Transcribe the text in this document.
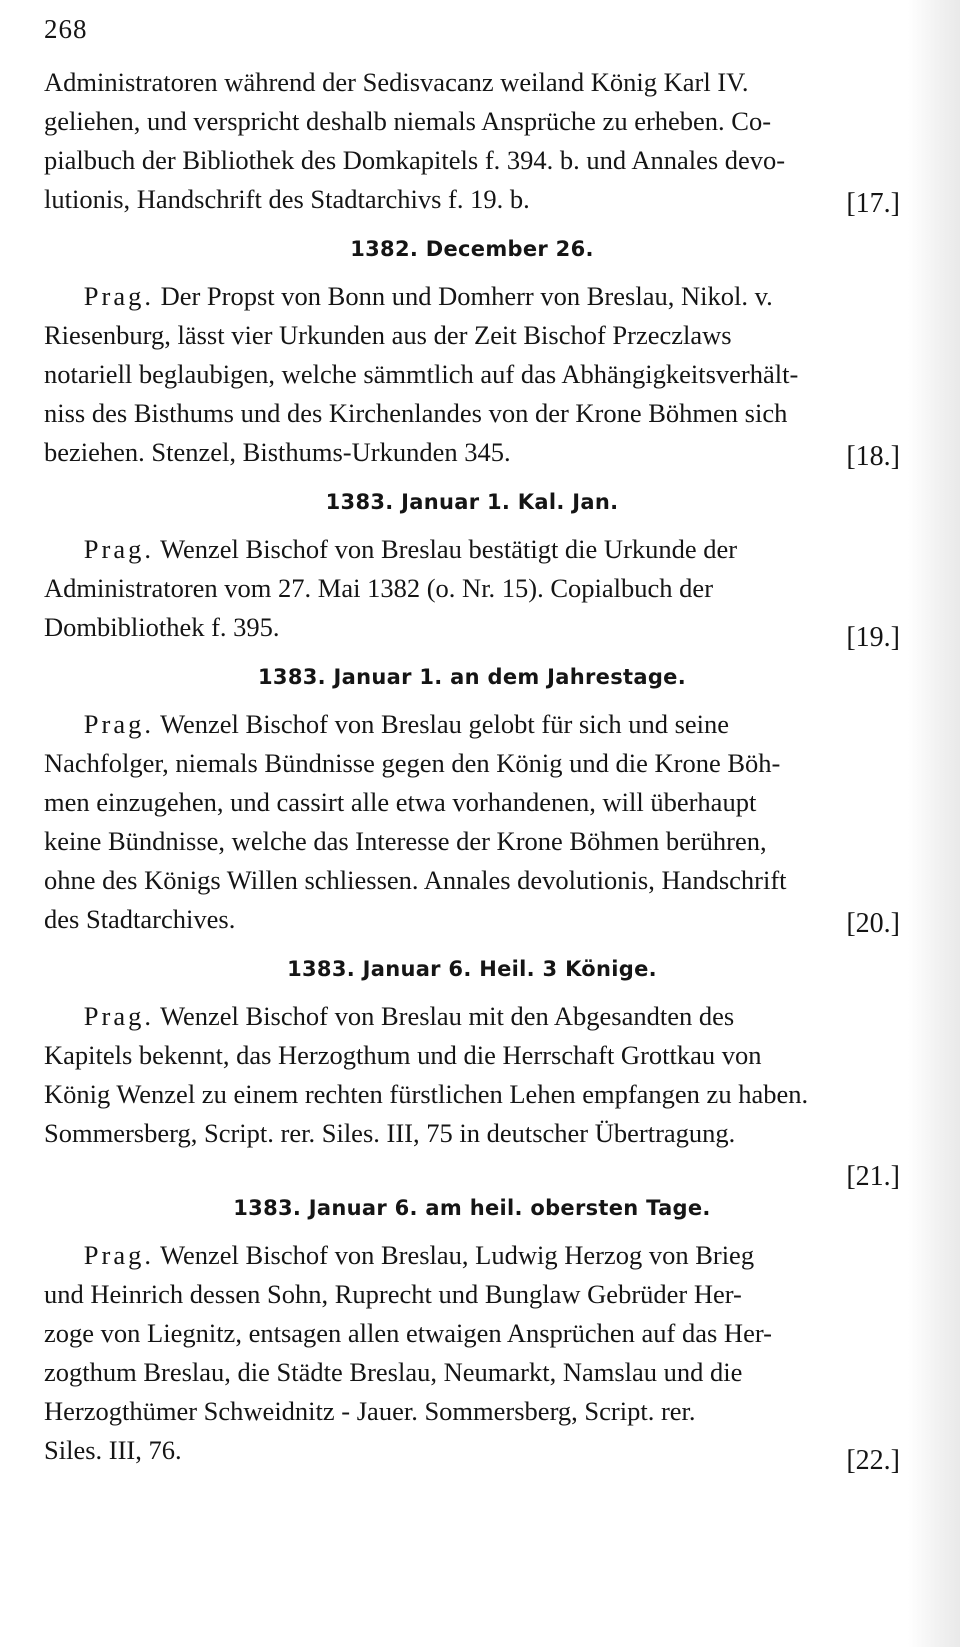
268
Administratoren während der Sedisvacanz weiland König Karl IV.
geliehen, und verspricht deshalb niemals Ansprüche zu erheben. Co-
pialbuch der Bibliothek des Domkapitels f. 394. b. und Annales devo-
lutionis, Handschrift des Stadtarchivs f. 19. b.	[17.]
1382. December 26.
   Prag. Der Propst von Bonn und Domherr von Breslau, Nikol. v.
Riesenburg, lässt vier Urkunden aus der Zeit Bischof Przeczlaws
notariell beglaubigen, welche sämmtlich auf das Abhängigkeitsverhält-
niss des Bisthums und des Kirchenlandes von der Krone Böhmen sich
beziehen. Stenzel, Bisthums-Urkunden 345.	[18.]
1383. Januar 1. Kal. Jan.
   Prag. Wenzel Bischof von Breslau bestätigt die Urkunde der
Administratoren vom 27. Mai 1382 (o. Nr. 15). Copialbuch der
Dombibliothek f. 395.	[19.]
1383. Januar 1. an dem Jahrestage.
   Prag. Wenzel Bischof von Breslau gelobt für sich und seine
Nachfolger, niemals Bündnisse gegen den König und die Krone Böh-
men einzugehen, und cassirt alle etwa vorhandenen, will überhaupt
keine Bündnisse, welche das Interesse der Krone Böhmen berühren,
ohne des Königs Willen schliessen. Annales devolutionis, Handschrift
des Stadtarchives.	[20.]
1383. Januar 6. Heil. 3 Könige.
   Prag. Wenzel Bischof von Breslau mit den Abgesandten des
Kapitels bekennt, das Herzogthum und die Herrschaft Grottkau von
König Wenzel zu einem rechten fürstlichen Lehen empfangen zu haben.
Sommersberg, Script. rer. Siles. III, 75 in deutscher Übertragung.
[21.]
1383. Januar 6. am heil. obersten Tage.
   Prag. Wenzel Bischof von Breslau, Ludwig Herzog von Brieg
und Heinrich dessen Sohn, Ruprecht und Bunglaw Gebrüder Her-
zoge von Liegnitz, entsagen allen etwaigen Ansprüchen auf das Her-
zogthum Breslau, die Städte Breslau, Neumarkt, Namslau und die
Herzogthümer Schweidnitz - Jauer. Sommersberg, Script. rer.
Siles. III, 76.	[22.]
